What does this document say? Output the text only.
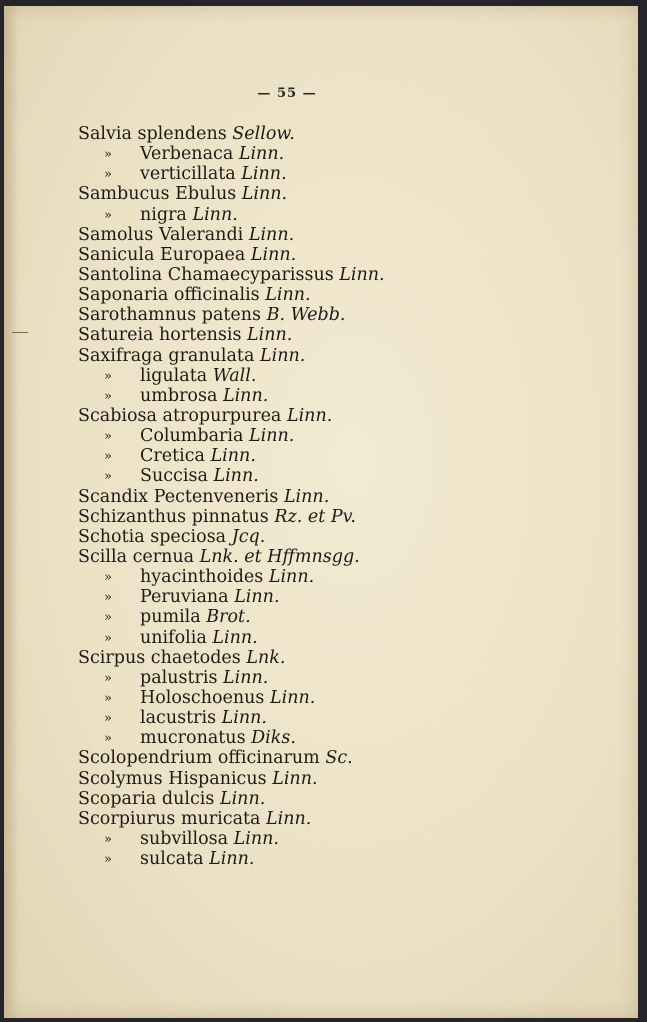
— 55 —
Salvia splendens Sellow.
» Verbenaca Linn.
» verticillata Linn.
Sambucus Ebulus Linn.
» nigra Linn.
Samolus Valerandi Linn.
Sanicula Europaea Linn.
Santolina Chamaecyparissus Linn.
Saponaria officinalis Linn.
Sarothamnus patens B. Webb.
Satureia hortensis Linn.
Saxifraga granulata Linn.
» ligulata Wall.
» umbrosa Linn.
Scabiosa atropurpurea Linn.
» Columbaria Linn.
» Cretica Linn.
» Succisa Linn.
Scandix Pectenveneris Linn.
Schizanthus pinnatus Rz. et Pv.
Schotia speciosa Jcq.
Scilla cernua Lnk. et Hffmnsgg.
» hyacinthoides Linn.
» Peruviana Linn.
» pumila Brot.
» unifolia Linn.
Scirpus chaetodes Lnk.
» palustris Linn.
» Holoschoenus Linn.
» lacustris Linn.
» mucronatus Diks.
Scolopendrium officinarum Sc.
Scolymus Hispanicus Linn.
Scoparia dulcis Linn.
Scorpiurus muricata Linn.
» subvillosa Linn.
» sulcata Linn.
